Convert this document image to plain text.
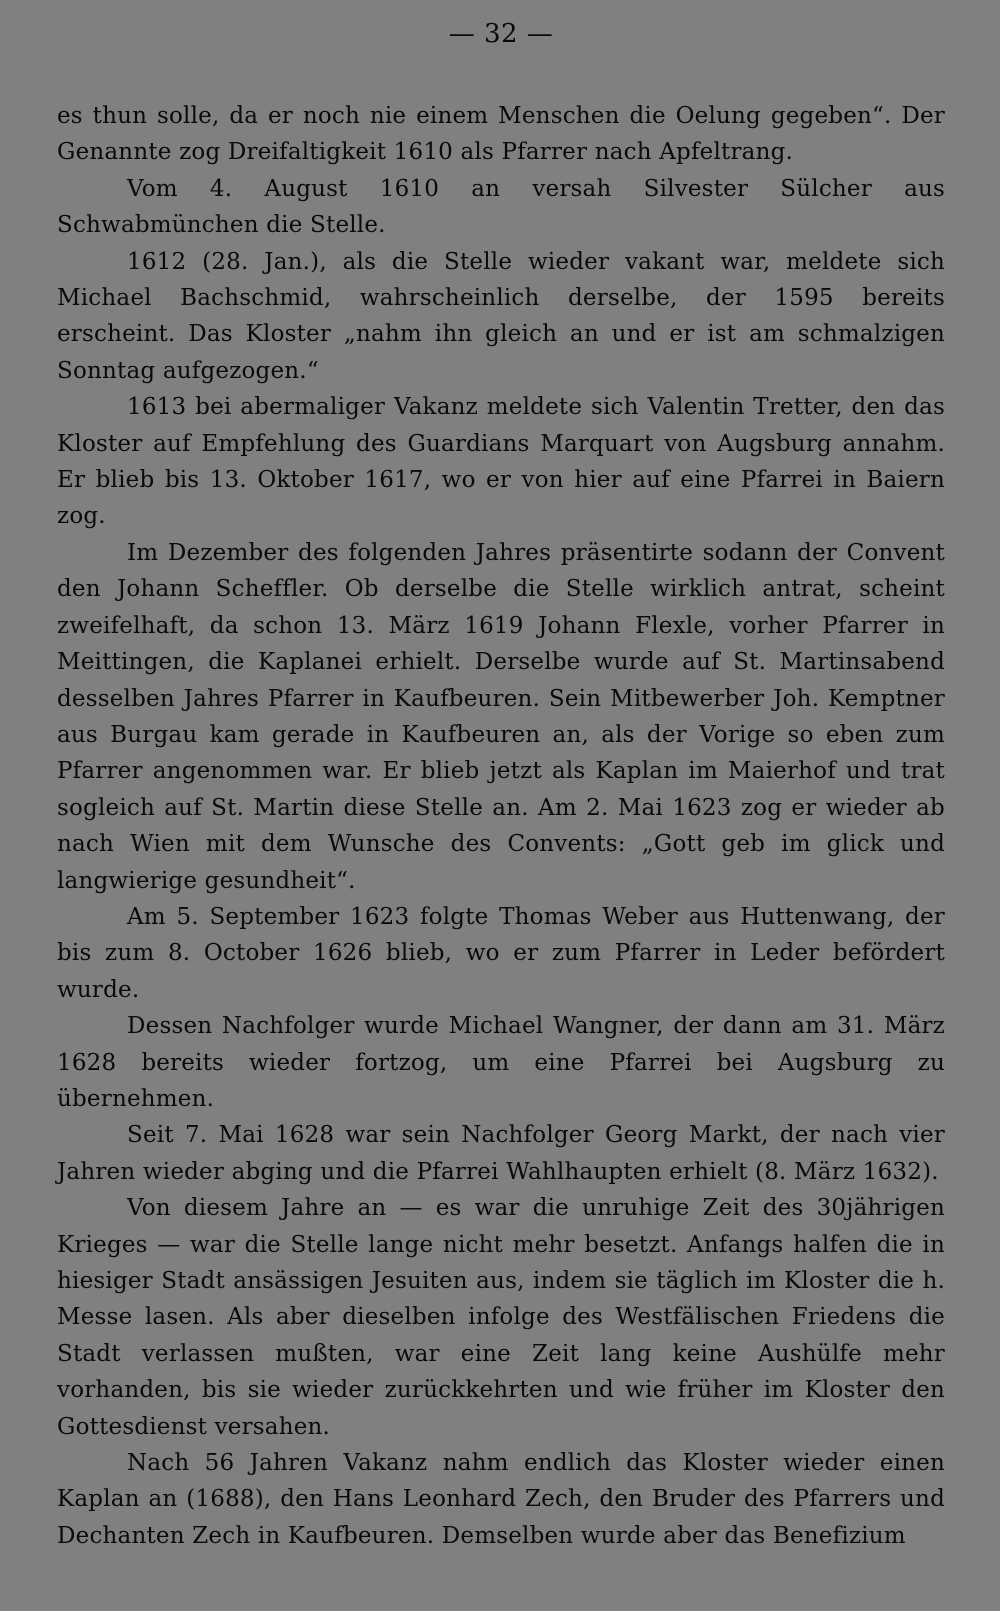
— 32 —

es thun solle, da er noch nie einem Menschen die Oelung gegeben“. Der Genannte zog Dreifaltigkeit 1610 als Pfarrer nach Apfeltrang.

Vom 4. August 1610 an versah Silvester Sülcher aus Schwabmünchen die Stelle.

1612 (28. Jan.), als die Stelle wieder vakant war, meldete sich Michael Bachschmid, wahrscheinlich derselbe, der 1595 bereits erscheint. Das Kloster „nahm ihn gleich an und er ist am schmalzigen Sonntag aufgezogen.“

1613 bei abermaliger Vakanz meldete sich Valentin Tretter, den das Kloster auf Empfehlung des Guardians Marquart von Augsburg annahm. Er blieb bis 13. Oktober 1617, wo er von hier auf eine Pfarrei in Baiern zog.

Im Dezember des folgenden Jahres präsentirte sodann der Convent den Johann Scheffler. Ob derselbe die Stelle wirklich antrat, scheint zweifelhaft, da schon 13. März 1619 Johann Flexle, vorher Pfarrer in Meittingen, die Kaplanei erhielt. Derselbe wurde auf St. Martinsabend desselben Jahres Pfarrer in Kaufbeuren. Sein Mitbewerber Joh. Kemptner aus Burgau kam gerade in Kaufbeuren an, als der Vorige so eben zum Pfarrer angenommen war. Er blieb jetzt als Kaplan im Maierhof und trat sogleich auf St. Martin diese Stelle an. Am 2. Mai 1623 zog er wieder ab nach Wien mit dem Wunsche des Convents: „Gott geb im glick und langwierige gesundheit“.

Am 5. September 1623 folgte Thomas Weber aus Huttenwang, der bis zum 8. October 1626 blieb, wo er zum Pfarrer in Leder befördert wurde.

Dessen Nachfolger wurde Michael Wangner, der dann am 31. März 1628 bereits wieder fortzog, um eine Pfarrei bei Augsburg zu übernehmen.

Seit 7. Mai 1628 war sein Nachfolger Georg Markt, der nach vier Jahren wieder abging und die Pfarrei Wahlhaupten erhielt (8. März 1632).

Von diesem Jahre an — es war die unruhige Zeit des 30jährigen Krieges — war die Stelle lange nicht mehr besetzt. Anfangs halfen die in hiesiger Stadt ansässigen Jesuiten aus, indem sie täglich im Kloster die h. Messe lasen. Als aber dieselben infolge des Westfälischen Friedens die Stadt verlassen mußten, war eine Zeit lang keine Aushülfe mehr vorhanden, bis sie wieder zurückkehrten und wie früher im Kloster den Gottesdienst versahen.

Nach 56 Jahren Vakanz nahm endlich das Kloster wieder einen Kaplan an (1688), den Hans Leonhard Zech, den Bruder des Pfarrers und Dechanten Zech in Kaufbeuren. Demselben wurde aber das Benefizium
